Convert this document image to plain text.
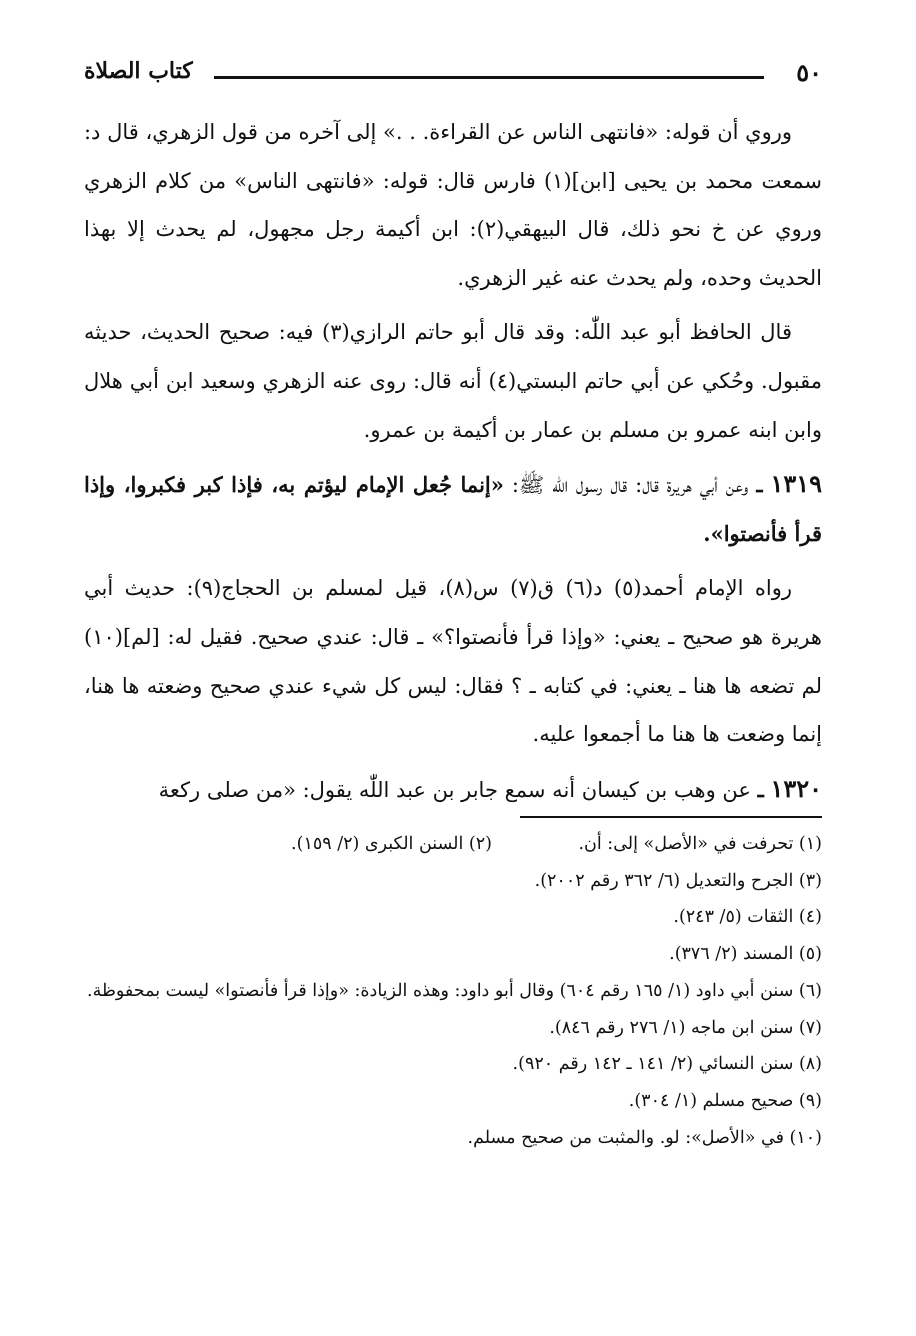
٥٠
كتاب الصلاة

وروي أن قوله: «فانتهى الناس عن القراءة. . .» إلى آخره من قول الزهري، قال د: سمعت محمد بن يحيى [ابن](١) فارس قال: قوله: «فانتهى الناس» من كلام الزهري وروي عن خ نحو ذلك، قال البيهقي(٢): ابن أكيمة رجل مجهول، لم يحدث إلا بهذا الحديث وحده، ولم يحدث عنه غير الزهري.

قال الحافظ أبو عبد اللّٰه: وقد قال أبو حاتم الرازي(٣) فيه: صحيح الحديث، حديثه مقبول. وحُكي عن أبي حاتم البستي(٤) أنه قال: روى عنه الزهري وسعيد ابن أبي هلال وابن ابنه عمرو بن مسلم بن عمار بن أكيمة بن عمرو.

١٣١٩ ـ وعن أبي هريرة قال: قال رسول اللّٰه ﷺ: «إنما جُعل الإمام ليؤتم به، فإذا كبر فكبروا، وإذا قرأ فأنصتوا».

رواه الإمام أحمد(٥) د(٦) ق(٧) س(٨)، قيل لمسلم بن الحجاج(٩): حديث أبي هريرة هو صحيح ـ يعني: «وإذا قرأ فأنصتوا؟» ـ قال: عندي صحيح. فقيل له: [لم](١٠) لم تضعه ها هنا ـ يعني: في كتابه ـ ؟ فقال: ليس كل شيء عندي صحيح وضعته ها هنا، إنما وضعت ها هنا ما أجمعوا عليه.

١٣٢٠ ـ عن وهب بن كيسان أنه سمع جابر بن عبد اللّٰه يقول: «من صلى ركعة

(١) تحرفت في «الأصل» إلى: أن.
(٢) السنن الكبرى (٢/ ١٥٩).
(٣) الجرح والتعديل (٦/ ٣٦٢ رقم ٢٠٠٢).
(٤) الثقات (٥/ ٢٤٣).
(٥) المسند (٢/ ٣٧٦).
(٦) سنن أبي داود (١/ ١٦٥ رقم ٦٠٤) وقال أبو داود: وهذه الزيادة: «وإذا قرأ فأنصتوا» ليست بمحفوظة.
(٧) سنن ابن ماجه (١/ ٢٧٦ رقم ٨٤٦).
(٨) سنن النسائي (٢/ ١٤١ ـ ١٤٢ رقم ٩٢٠).
(٩) صحيح مسلم (١/ ٣٠٤).
(١٠) في «الأصل»: لو. والمثبت من صحيح مسلم.
